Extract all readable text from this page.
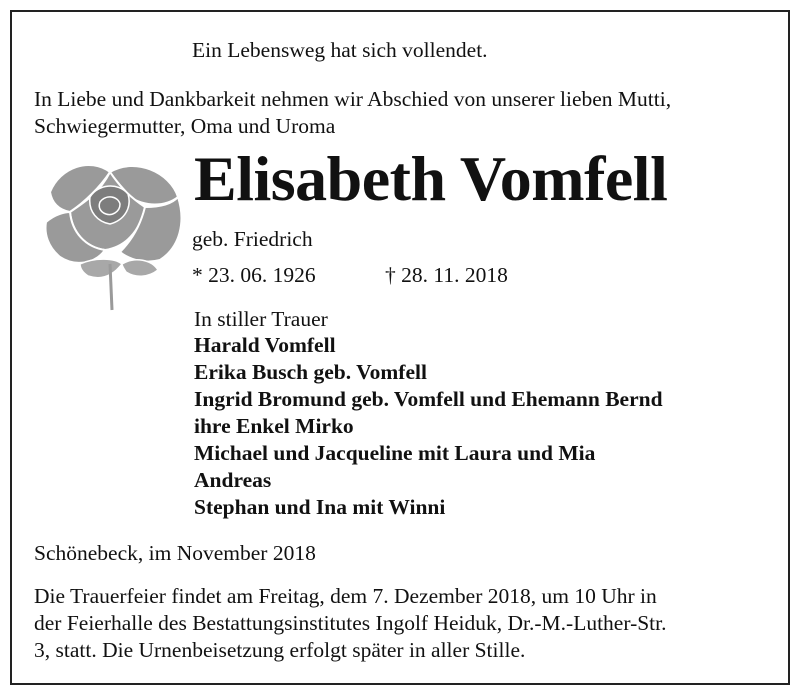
Ein Lebensweg hat sich vollendet.
In Liebe und Dankbarkeit nehmen wir Abschied von unserer lieben Mutti,
Schwiegermutter, Oma und Uroma
Elisabeth Vomfell
geb. Friedrich
* 23. 06. 1926	† 28. 11. 2018
In stiller Trauer
Harald Vomfell
Erika Busch geb. Vomfell
Ingrid Bromund geb. Vomfell und Ehemann Bernd
ihre Enkel Mirko
Michael und Jacqueline mit Laura und Mia
Andreas
Stephan und Ina mit Winni
Schönebeck, im November 2018
Die Trauerfeier findet am Freitag, dem 7. Dezember 2018, um 10 Uhr in
der Feierhalle des Bestattungsinstitutes Ingolf Heiduk, Dr.-M.-Luther-Str.
3, statt. Die Urnenbeisetzung erfolgt später in aller Stille.
